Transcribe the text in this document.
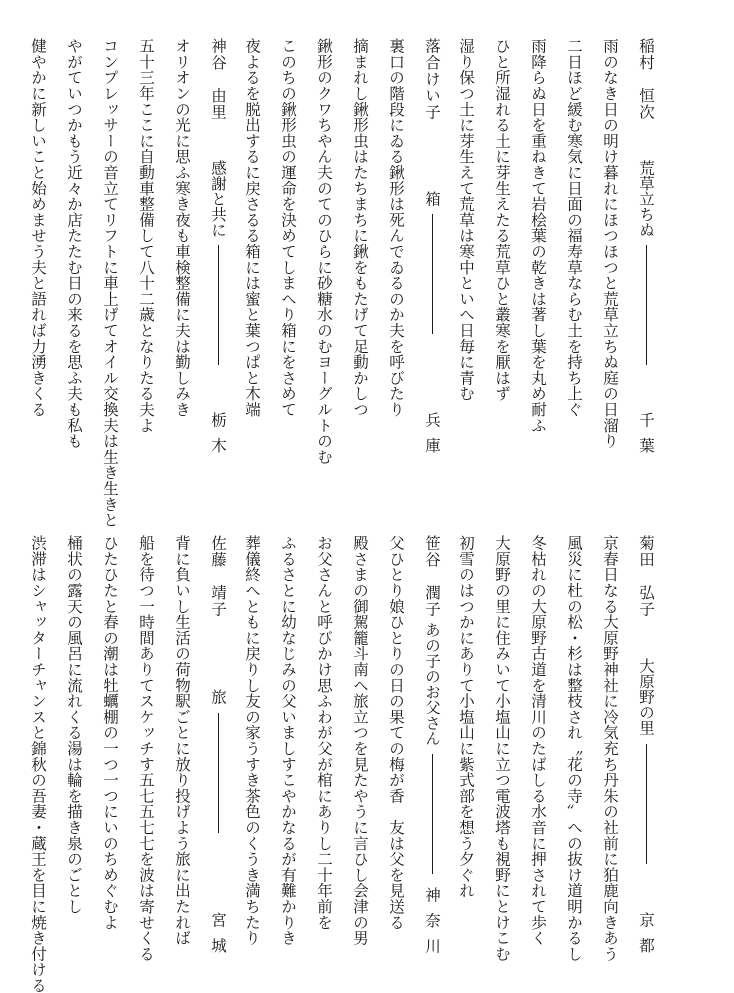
稲村　恒次
荒草立ちぬ
千葉
雨のなき日の明け暮れにほつほつと荒草立ちぬ庭の日溜り
二日ほど緩む寒気に日面の福寿草ならむ土を持ち上ぐ
雨降らぬ日を重ねきて岩桧葉の乾きは著し葉を丸め耐ふ
ひと所湿れる土に芽生えたる荒草ひと叢寒を厭はず
湿り保つ土に芽生えて荒草は寒中といへ日毎に青む
落合けい子
箱
兵庫
裏口の階段にゐる鍬形は死んでゐるのか夫を呼びたり
摘まれし鍬形虫はたちまちに鍬をもたげて足動かしつ
鍬形のクワちやん夫のてのひらに砂糖水のむヨーグルトのむ
このちの鍬形虫の運命を決めてしまへり箱にをさめて
夜よるを脱出するに戻さるる箱には蜜と葉つぱと木端
神谷　由里
感謝と共に
栃木
オリオンの光に思ふ寒き夜も車検整備に夫は勤しみき
五十三年ここに自動車整備して八十二歳となりたる夫よ
コンプレッサーの音立てリフトに車上げてオイル交換夫は生き生きと
やがていつかもう近々か店たたむ日の来るを思ふ夫も私も
健やかに新しいこと始めませう夫と語れば力湧きくる
菊田　弘子
大原野の里
京都
京春日なる大原野神社に冷気充ち丹朱の社前に狛鹿向きあう
風災に杜の松・杉は整枝され〝花の寺〟への抜け道明かるし
冬枯れの大原野古道を清川のたばしる水音に押されて歩く
大原野の里に住みいて小塩山に立つ電波塔も視野にとけこむ
初雪のはつかにありて小塩山に紫式部を想う夕ぐれ
笹谷　潤子
あの子のお父さん
神奈川
父ひとり娘ひとりの日の果ての梅が香　友は父を見送る
殿さまの御駕籠斗南へ旅立つを見たやうに言ひし会津の男
お父さんと呼びかけ思ふわが父が棺にありし二十年前を
ふるさとに幼なじみの父いましすこやかなるが有難かりき
葬儀終へともに戻りし友の家うすき茶色のくうき満ちたり
佐藤　靖子
旅
宮城
背に負いし生活の荷物駅ごとに放り投げよう旅に出たれば
船を待つ一時間ありてスケッチす五七五七七を波は寄せくる
ひたひたと春の潮は牡蠣棚の一つ一つにいのちめぐむよ
桶状の露天の風呂に流れくる湯は輪を描き泉のごとし
渋滞はシャッターチャンスと錦秋の吾妻・蔵王を目に焼き付ける
